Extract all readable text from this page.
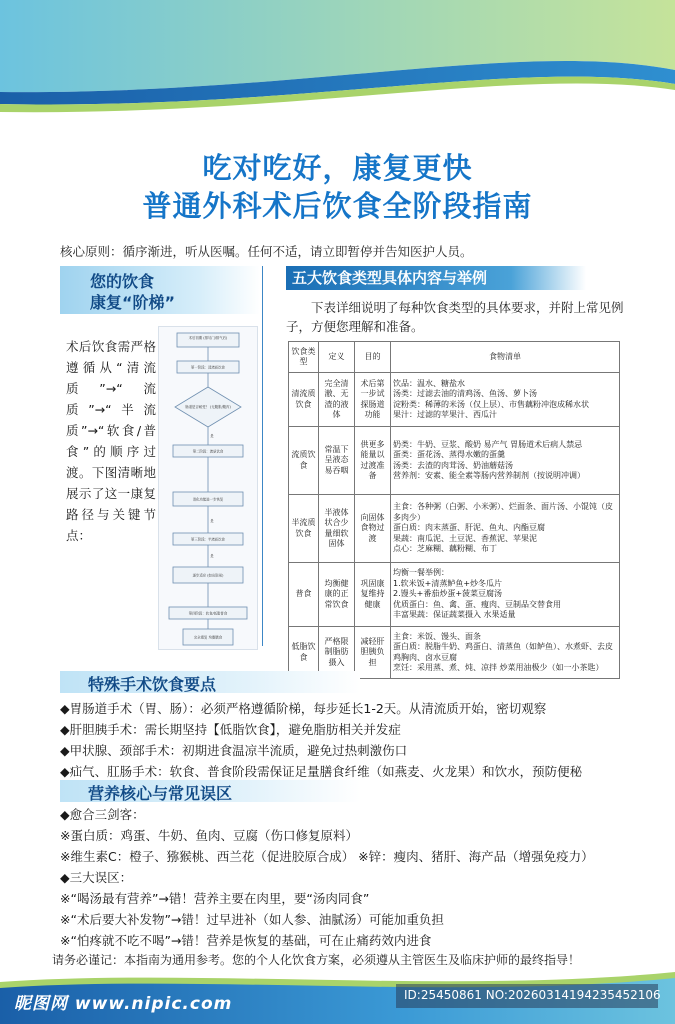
吃对吃好，康复更快
普通外科术后饮食全阶段指南
核心原则：循序渐进，听从医嘱。任何不适，请立即暂停并告知医护人员。
您的饮食
康复“阶梯”
术后饮食需严格遵循从“清流质”→“流质”→“半流质”→“软食/普食”的顺序过渡。下图清晰地展示了这一康复路径与关键节点：
术后初期 (排尽门/排气后)
第一阶段：清流质饮食
肠道是否耐受？ (无腹胀/腹泻)
第二阶段：流质饮食
消化功能进一步恢复
第三阶段：半流质饮食
逐步适应 (如出院前)
第四阶段：软食/低脂普食
完全康复 均衡膳食
是
是
是
五大饮食类型具体内容与举例
下表详细说明了每种饮食类型的具体要求，并附上常见例子，方便您理解和准备。
饮食类型	定义	目的	食物清单
清流质饮食	完全清澈、无渣的液体	术后第一步试探肠道功能	饮品：温水、糖盐水
汤类：过滤去油的清鸡汤、鱼汤、萝卜汤
淀粉类：稀薄的米汤（仅上层）、市售藕粉冲泡成稀水状
果汁：过滤的苹果汁、西瓜汁

流质饮食	常温下呈液态易吞咽	供更多能量以过渡准备	奶类：牛奶、豆浆、酸奶 易产气 胃肠道术后病人禁忌
蛋类：蛋花汤、蒸得水嫩的蛋羹
汤类：去渣的肉茸汤、奶油蘑菇汤
营养剂：安素、能全素等肠内营养制剂（按说明冲调）

半流质饮食	半液体状合少量细软固体	向固体食物过渡	主食：各种粥（白粥、小米粥）、烂面条、面片汤、小馄饨（皮多肉少）
蛋白质：肉末蒸蛋、肝泥、鱼丸、内酯豆腐
果蔬：南瓜泥、土豆泥、香蕉泥、苹果泥
点心：芝麻糊、藕粉糊、布丁

普食	均衡健康的正常饮食	巩固康复维持健康	均衡一餐举例：
1.软米饭+清蒸鲈鱼+炒冬瓜片
2.馒头+番茄炒蛋+菠菜豆腐汤
优质蛋白：鱼、禽、蛋、瘦肉、豆制品交替食用
丰富果蔬：保证蔬菜摄入 水果适量

低脂饮食	严格限制脂肪摄入	减轻肝胆胰负担	主食：米饭、馒头、面条
蛋白质：脱脂牛奶、鸡蛋白、清蒸鱼（如鲈鱼）、水煮虾、去皮鸡胸肉、卤水豆腐
烹饪：采用蒸、煮、炖、凉拌 炒菜用油极少（如一小茶匙）
特殊手术饮食要点
◆胃肠道手术（胃、肠）：必须严格遵循阶梯，每步延长1-2天。从清流质开始，密切观察
◆肝胆胰手术：需长期坚持【低脂饮食】，避免脂肪相关并发症
◆甲状腺、颈部手术：初期进食温凉半流质，避免过热刺激伤口
◆疝气、肛肠手术：软食、普食阶段需保证足量膳食纤维（如燕麦、火龙果）和饮水，预防便秘
营养核心与常见误区
◆愈合三剑客：
※蛋白质：鸡蛋、牛奶、鱼肉、豆腐（伤口修复原料）
※维生素C：橙子、猕猴桃、西兰花（促进胶原合成） ※锌：瘦肉、猪肝、海产品（增强免疫力）
◆三大误区：
※“喝汤最有营养”→错！营养主要在肉里，要“汤肉同食”
※“术后要大补发物”→错！过早进补（如人参、油腻汤）可能加重负担
※“怕疼就不吃不喝”→错！营养是恢复的基础，可在止痛药效内进食
请务必谨记：本指南为通用参考。您的个人化饮食方案，必须遵从主管医生及临床护师的最终指导！
昵图网 www.nipic.com	ID:25450861 NO:20260314194235452106
